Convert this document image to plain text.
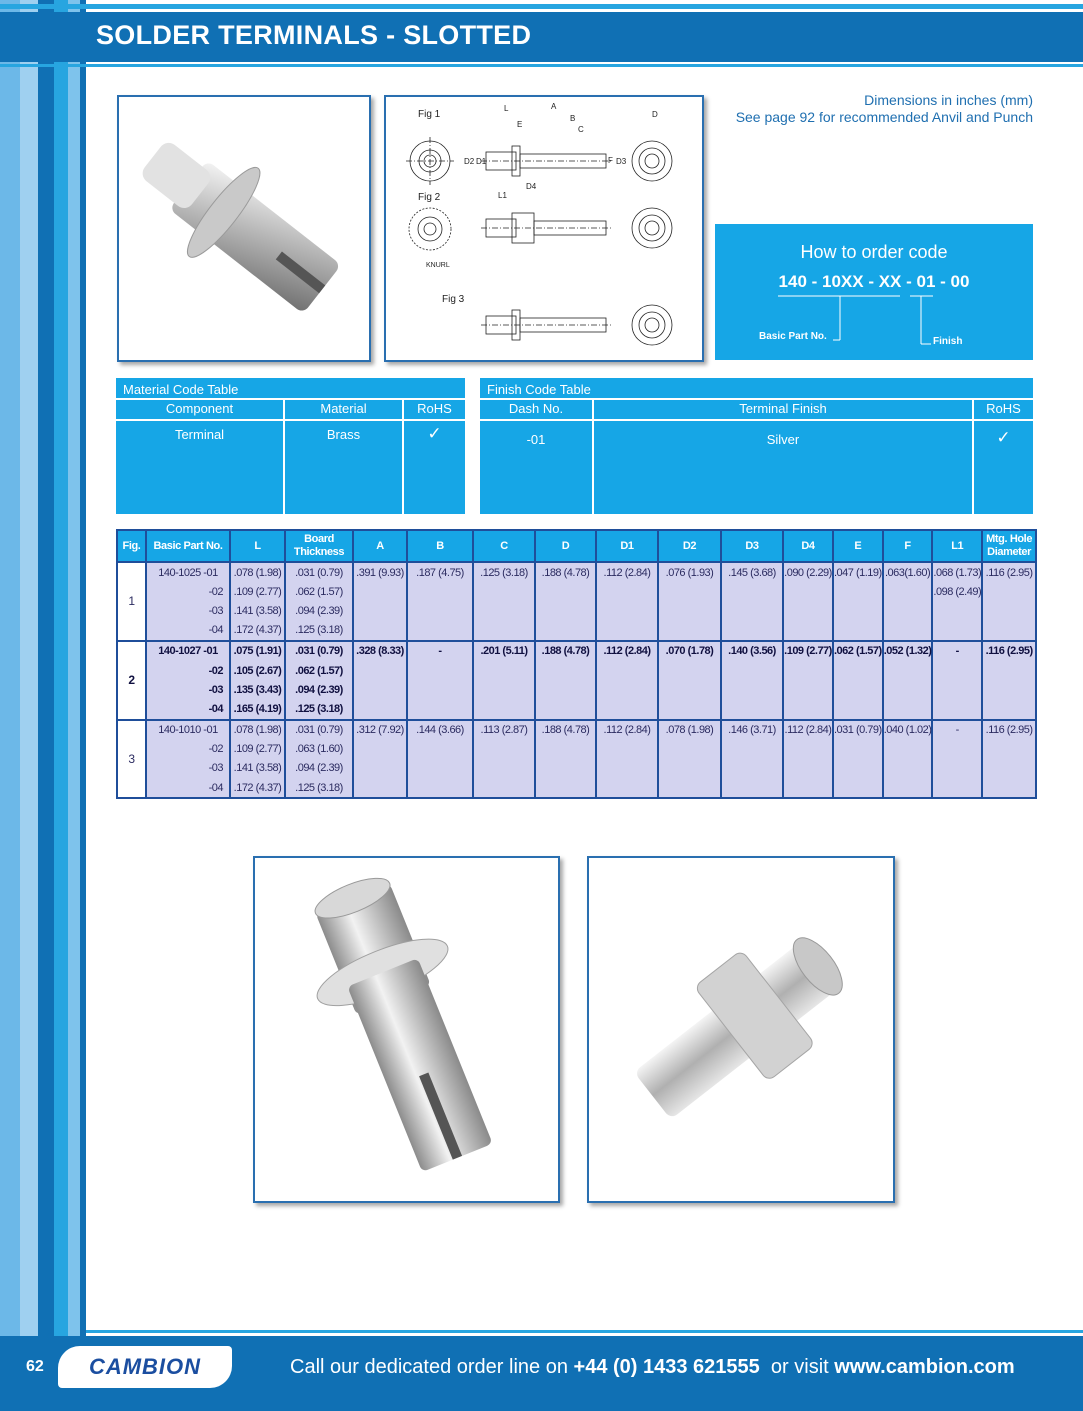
SOLDER TERMINALS - SLOTTED
Fig 1
Fig 2
Fig 3
KNURL
L	A
B
C
D
E
F
D1
D2	D3
D4
L1
Dimensions in inches (mm)
See page 92 for recommended Anvil and Punch
How to order code
140 - 10XX - XX - 01 - 00
Basic Part No.	Finish
Material Code Table
Component	Material	RoHS
Terminal	Brass	✓
Finish Code Table
Dash No.	Terminal Finish	RoHS
-01	Silver	✓
Fig.	Basic Part No.	L	Board Thickness	A	B	C	D	D1	D2	D3	D4	E	F	L1	Mtg. Hole Diameter
1	140-1025 -01	.078 (1.98)	.031 (0.79)	.391 (9.93)	.187 (4.75)	.125 (3.18)	.188 (4.78)	.112 (2.84)	.076 (1.93)	.145 (3.68)	.090 (2.29)	.047 (1.19)	.063(1.60)	.068 (1.73)	.116 (2.95)
	-02	.109 (2.77)	.062 (1.57)											.098 (2.49)	
	-03	.141 (3.58)	.094 (2.39)												
	-04	.172 (4.37)	.125 (3.18)												
2	140-1027 -01	.075 (1.91)	.031 (0.79)	.328 (8.33)	-	.201 (5.11)	.188 (4.78)	.112 (2.84)	.070 (1.78)	.140 (3.56)	.109 (2.77)	.062 (1.57)	.052 (1.32)	-	.116 (2.95)
	-02	.105 (2.67)	.062 (1.57)												
	-03	.135 (3.43)	.094 (2.39)												
	-04	.165 (4.19)	.125 (3.18)												
3	140-1010 -01	.078 (1.98)	.031 (0.79)	.312 (7.92)	.144 (3.66)	.113 (2.87)	.188 (4.78)	.112 (2.84)	.078 (1.98)	.146 (3.71)	.112 (2.84)	.031 (0.79)	.040 (1.02)	-	.116 (2.95)
	-02	.109 (2.77)	.063 (1.60)												
	-03	.141 (3.58)	.094 (2.39)												
	-04	.172 (4.37)	.125 (3.18)												
62	CAMBION	Call our dedicated order line on +44 (0) 1433 621555  or visit www.cambion.com
